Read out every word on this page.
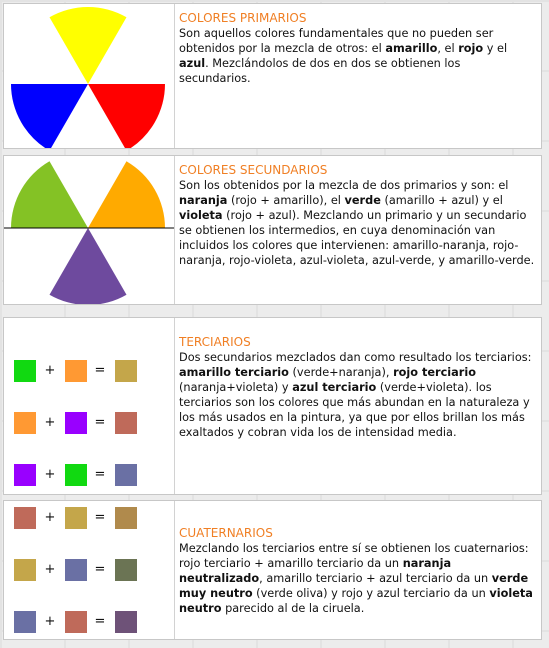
COLORES PRIMARIOS

Son aquellos colores fundamentales que no pueden ser obtenidos por la mezcla de otros: el amarillo, el rojo y el azul. Mezclándolos de dos en dos se obtienen los secundarios.

COLORES SECUNDARIOS

Son los obtenidos por la mezcla de dos primarios y son: el naranja (rojo + amarillo), el verde (amarillo + azul) y el violeta (rojo + azul). Mezclando un primario y un secundario se obtienen los intermedios, en cuya denominación van incluidos los colores que intervienen: amarillo-naranja, rojo-naranja, rojo-violeta, azul-violeta, azul-verde, y amarillo-verde.

+	=
+	=
+	=
TERCIARIOS

Dos secundarios mezclados dan como resultado los terciarios: amarillo terciario (verde+naranja), rojo terciario (naranja+violeta) y azul terciario (verde+violeta). los terciarios son los colores que más abundan en la naturaleza y los más usados en la pintura, ya que por ellos brillan los más exaltados y cobran vida los de intensidad media.

+	=
+	=
+	=
CUATERNARIOS

Mezclando los terciarios entre sí se obtienen los cuaternarios: rojo terciario + amarillo terciario da un naranja neutralizado, amarillo terciario + azul terciario da un verde muy neutro (verde oliva) y rojo y azul terciario da un violeta neutro parecido al de la ciruela.
